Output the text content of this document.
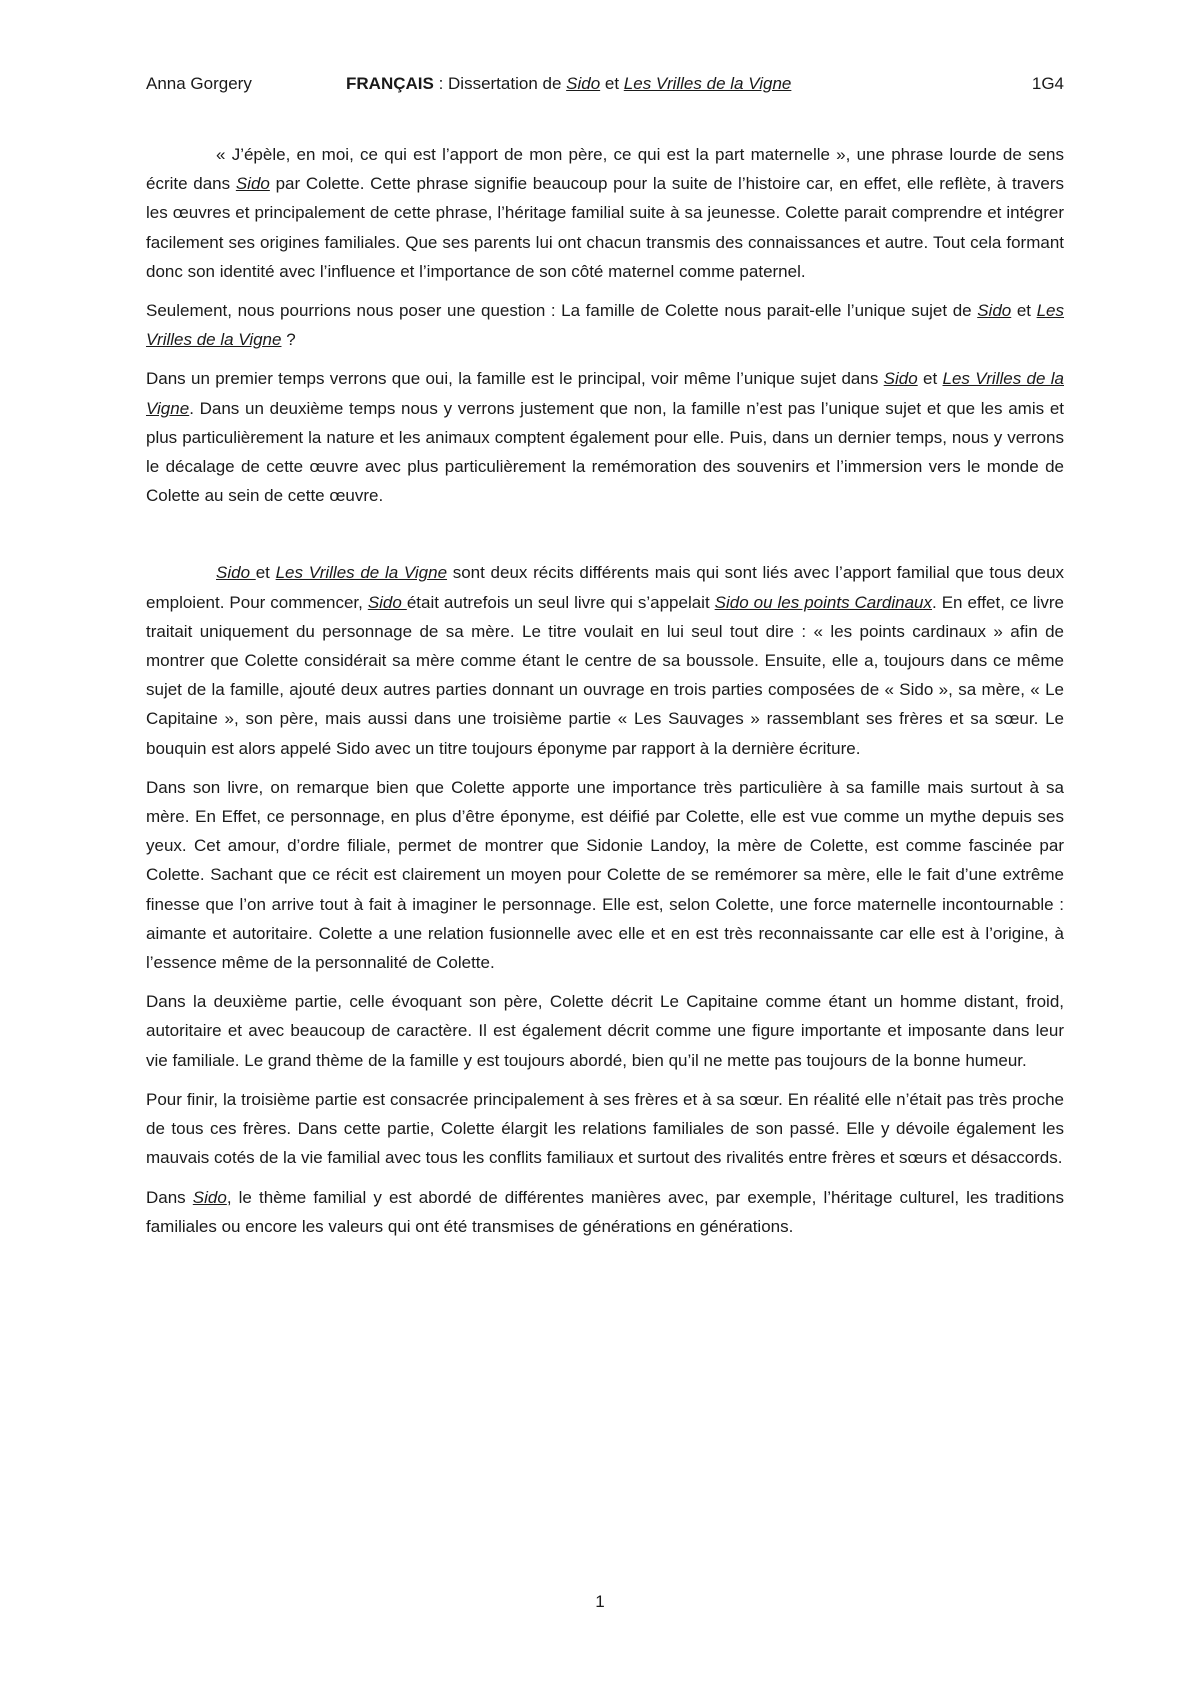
Anna Gorgery	FRANÇAIS : Dissertation de Sido et Les Vrilles de la Vigne	1G4

« J’épèle, en moi, ce qui est l’apport de mon père, ce qui est la part maternelle », une phrase lourde de sens écrite dans Sido par Colette. Cette phrase signifie beaucoup pour la suite de l’histoire car, en effet, elle reflète, à travers les œuvres et principalement de cette phrase, l’héritage familial suite à sa jeunesse. Colette parait comprendre et intégrer facilement ses origines familiales. Que ses parents lui ont chacun transmis des connaissances et autre. Tout cela formant donc son identité avec l’influence et l’importance de son côté maternel comme paternel.

Seulement, nous pourrions nous poser une question : La famille de Colette nous parait-elle l’unique sujet de Sido et Les Vrilles de la Vigne ?

Dans un premier temps verrons que oui, la famille est le principal, voir même l’unique sujet dans Sido et Les Vrilles de la Vigne. Dans un deuxième temps nous y verrons justement que non, la famille n’est pas l’unique sujet et que les amis et plus particulièrement la nature et les animaux comptent également pour elle. Puis, dans un dernier temps, nous y verrons le décalage de cette œuvre avec plus particulièrement la remémoration des souvenirs et l’immersion vers le monde de Colette au sein de cette œuvre.

Sido et Les Vrilles de la Vigne sont deux récits différents mais qui sont liés avec l’apport familial que tous deux emploient. Pour commencer, Sido était autrefois un seul livre qui s’appelait Sido ou les points Cardinaux. En effet, ce livre traitait uniquement du personnage de sa mère. Le titre voulait en lui seul tout dire : « les points cardinaux » afin de montrer que Colette considérait sa mère comme étant le centre de sa boussole. Ensuite, elle a, toujours dans ce même sujet de la famille, ajouté deux autres parties donnant un ouvrage en trois parties composées de « Sido », sa mère, « Le Capitaine », son père, mais aussi dans une troisième partie « Les Sauvages » rassemblant ses frères et sa sœur. Le bouquin est alors appelé Sido avec un titre toujours éponyme par rapport à la dernière écriture.

Dans son livre, on remarque bien que Colette apporte une importance très particulière à sa famille mais surtout à sa mère. En Effet, ce personnage, en plus d’être éponyme, est déifié par Colette, elle est vue comme un mythe depuis ses yeux. Cet amour, d’ordre filiale, permet de montrer que Sidonie Landoy, la mère de Colette, est comme fascinée par Colette. Sachant que ce récit est clairement un moyen pour Colette de se remémorer sa mère, elle le fait d’une extrême finesse que l’on arrive tout à fait à imaginer le personnage. Elle est, selon Colette, une force maternelle incontournable : aimante et autoritaire. Colette a une relation fusionnelle avec elle et en est très reconnaissante car elle est à l’origine, à l’essence même de la personnalité de Colette.

Dans la deuxième partie, celle évoquant son père, Colette décrit Le Capitaine comme étant un homme distant, froid, autoritaire et avec beaucoup de caractère. Il est également décrit comme une figure importante et imposante dans leur vie familiale. Le grand thème de la famille y est toujours abordé, bien qu’il ne mette pas toujours de la bonne humeur.

Pour finir, la troisième partie est consacrée principalement à ses frères et à sa sœur. En réalité elle n’était pas très proche de tous ces frères. Dans cette partie, Colette élargit les relations familiales de son passé. Elle y dévoile également les mauvais cotés de la vie familial avec tous les conflits familiaux et surtout des rivalités entre frères et sœurs et désaccords.

Dans Sido, le thème familial y est abordé de différentes manières avec, par exemple, l’héritage culturel, les traditions familiales ou encore les valeurs qui ont été transmises de générations en générations.

1
